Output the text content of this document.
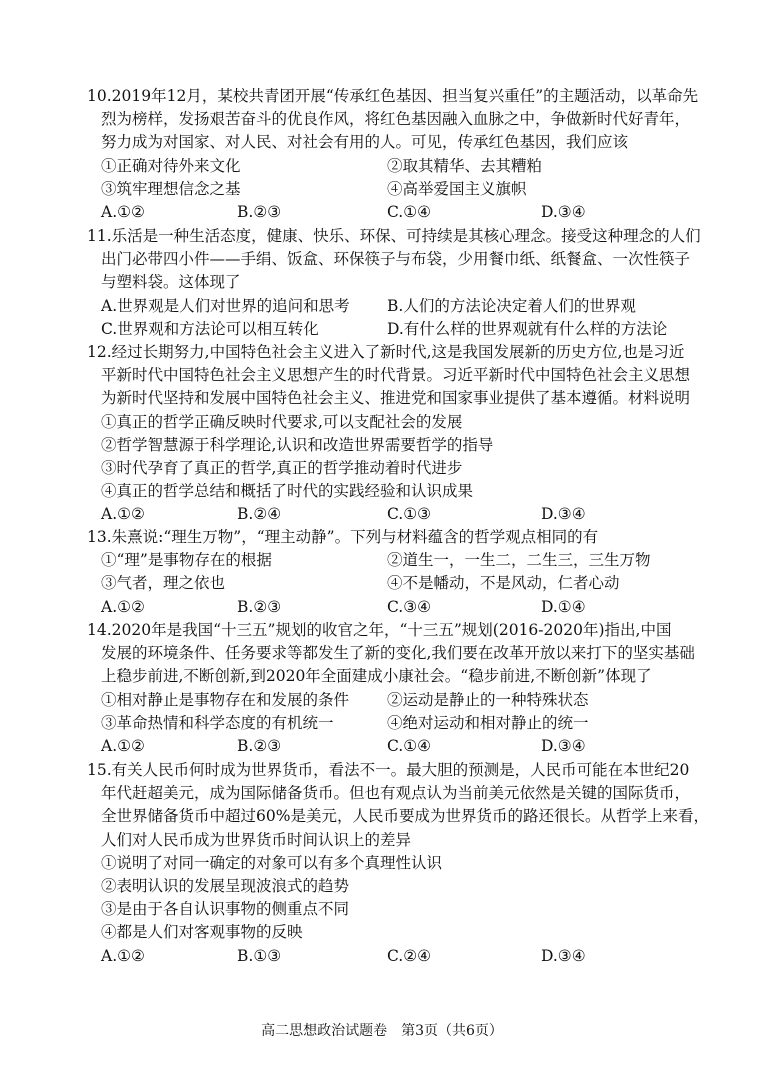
10.2019年12月，某校共青团开展“传承红色基因、担当复兴重任”的主题活动，以革命先
烈为榜样，发扬艰苦奋斗的优良作风，将红色基因融入血脉之中，争做新时代好青年，
努力成为对国家、对人民、对社会有用的人。可见，传承红色基因，我们应该
①正确对待外来文化	②取其精华、去其糟粕
③筑牢理想信念之基	④高举爱国主义旗帜
A.①②	B.②③	C.①④	D.③④
11.乐活是一种生活态度，健康、快乐、环保、可持续是其核心理念。接受这种理念的人们
出门必带四小件——手绢、饭盒、环保筷子与布袋，少用餐巾纸、纸餐盒、一次性筷子
与塑料袋。这体现了
A.世界观是人们对世界的追问和思考 B.人们的方法论决定着人们的世界观
C.世界观和方法论可以相互转化	D.有什么样的世界观就有什么样的方法论
12.经过长期努力,中国特色社会主义进入了新时代,这是我国发展新的历史方位,也是习近
平新时代中国特色社会主义思想产生的时代背景。习近平新时代中国特色社会主义思想
为新时代坚持和发展中国特色社会主义、推进党和国家事业提供了基本遵循。材料说明
①真正的哲学正确反映时代要求,可以支配社会的发展
②哲学智慧源于科学理论,认识和改造世界需要哲学的指导
③时代孕育了真正的哲学,真正的哲学推动着时代进步
④真正的哲学总结和概括了时代的实践经验和认识成果
A.①②	B.②④	C.①③	D.③④
13.朱熹说:“理生万物”，“理主动静”。下列与材料蕴含的哲学观点相同的有
①“理”是事物存在的根据	②道生一，一生二，二生三，三生万物
③气者，理之依也	④不是幡动，不是风动，仁者心动
A.①②	B.②③	C.③④	D.①④
14.2020年是我国“十三五”规划的收官之年，“十三五”规划(2016-2020年)指出,中国
发展的环境条件、任务要求等都发生了新的变化,我们要在改革开放以来打下的坚实基础
上稳步前进,不断创新,到2020年全面建成小康社会。“稳步前进,不断创新”体现了
①相对静止是事物存在和发展的条件 ②运动是静止的一种特殊状态
③革命热情和科学态度的有机统一	④绝对运动和相对静止的统一
A.①②	B.②③	C.①④	D.③④
15.有关人民币何时成为世界货币，看法不一。最大胆的预测是，人民币可能在本世纪20
年代赶超美元，成为国际储备货币。但也有观点认为当前美元依然是关键的国际货币，
全世界储备货币中超过60%是美元，人民币要成为世界货币的路还很长。从哲学上来看，
人们对人民币成为世界货币时间认识上的差异
①说明了对同一确定的对象可以有多个真理性认识
②表明认识的发展呈现波浪式的趋势
③是由于各自认识事物的侧重点不同
④都是人们对客观事物的反映
A.①②	B.①③	C.②④	D.③④
高二思想政治试题卷　第3页（共6页）
